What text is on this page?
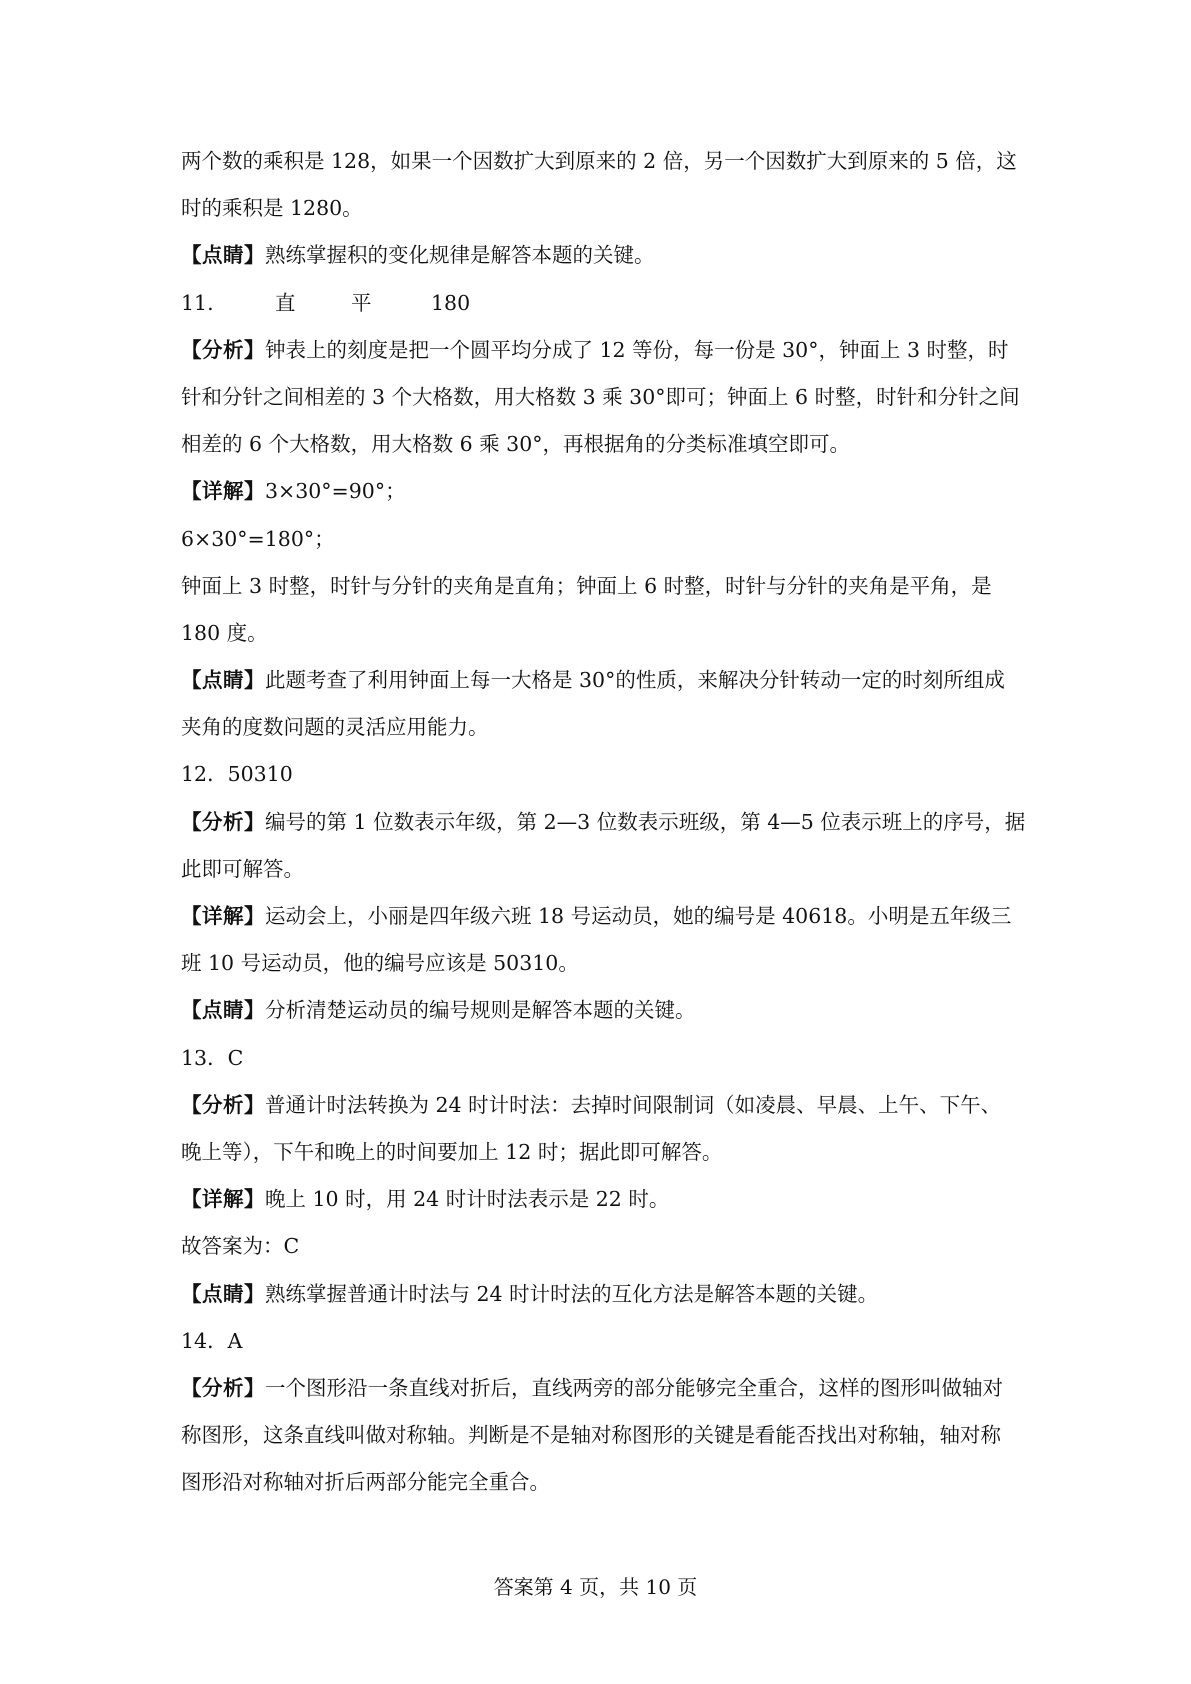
两个数的乘积是 128，如果一个因数扩大到原来的 2 倍，另一个因数扩大到原来的 5 倍，这
时的乘积是 1280。
【点睛】熟练掌握积的变化规律是解答本题的关键。
11.	直	平	180
【分析】钟表上的刻度是把一个圆平均分成了 12 等份，每一份是 30°，钟面上 3 时整，时
针和分针之间相差的 3 个大格数，用大格数 3 乘 30°即可；钟面上 6 时整，时针和分针之间
相差的 6 个大格数，用大格数 6 乘 30°，再根据角的分类标准填空即可。
【详解】3×30°=90°；
6×30°=180°；
钟面上 3 时整，时针与分针的夹角是直角；钟面上 6 时整，时针与分针的夹角是平角，是
180 度。
【点睛】此题考查了利用钟面上每一大格是 30°的性质，来解决分针转动一定的时刻所组成
夹角的度数问题的灵活应用能力。
12．50310
【分析】编号的第 1 位数表示年级，第 2—3 位数表示班级，第 4—5 位表示班上的序号，据
此即可解答。
【详解】运动会上，小丽是四年级六班 18 号运动员，她的编号是 40618。小明是五年级三
班 10 号运动员，他的编号应该是 50310。
【点睛】分析清楚运动员的编号规则是解答本题的关键。
13．C
【分析】普通计时法转换为 24 时计时法：去掉时间限制词（如凌晨、早晨、上午、下午、
晚上等），下午和晚上的时间要加上 12 时；据此即可解答。
【详解】晚上 10 时，用 24 时计时法表示是 22 时。
故答案为：C
【点睛】熟练掌握普通计时法与 24 时计时法的互化方法是解答本题的关键。
14．A
【分析】一个图形沿一条直线对折后，直线两旁的部分能够完全重合，这样的图形叫做轴对
称图形，这条直线叫做对称轴。判断是不是轴对称图形的关键是看能否找出对称轴，轴对称
图形沿对称轴对折后两部分能完全重合。
答案第 4 页，共 10 页
